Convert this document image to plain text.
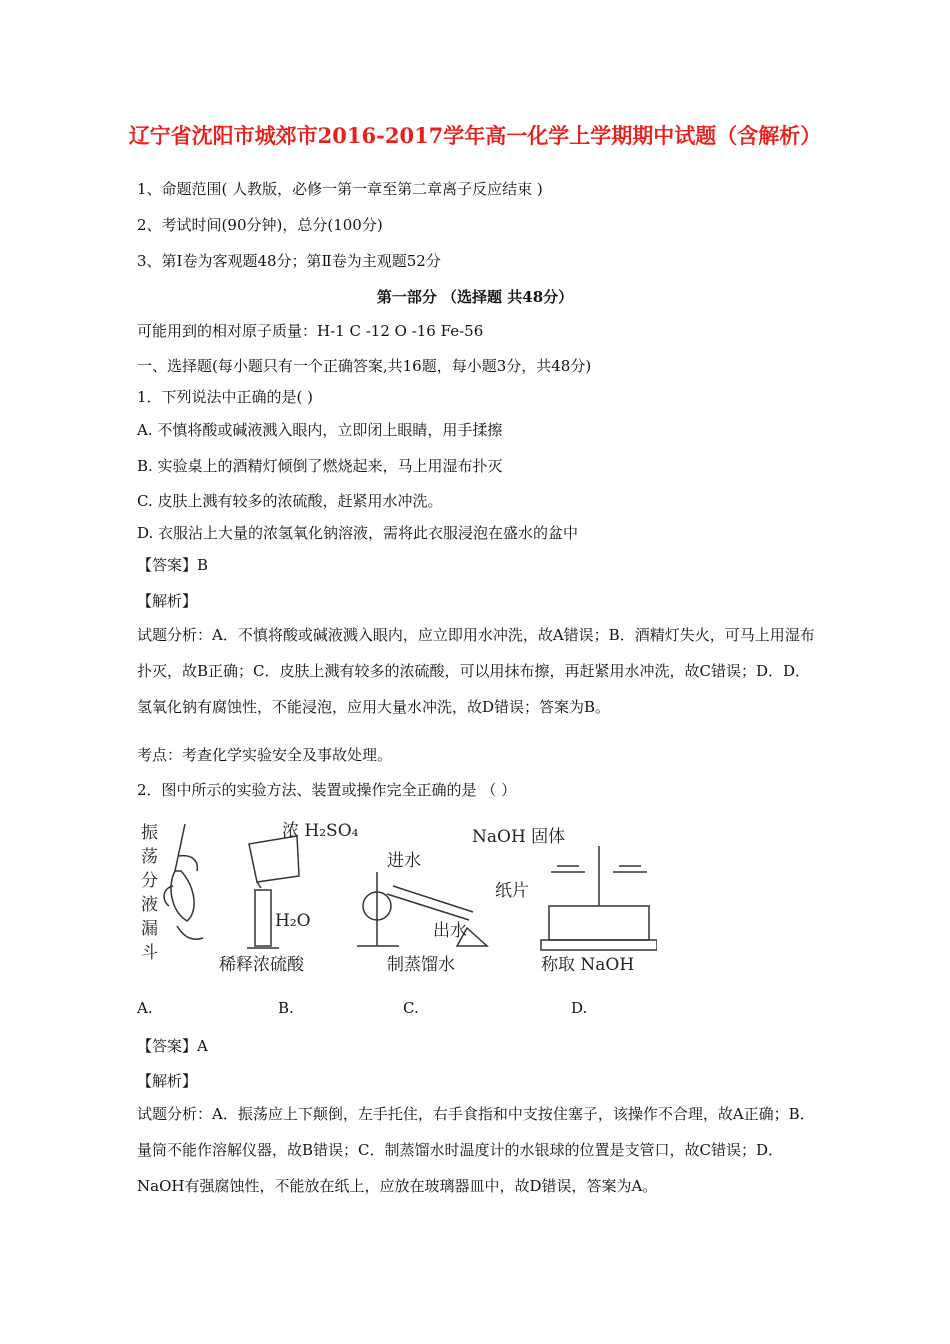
辽宁省沈阳市城郊市2016-2017学年高一化学上学期期中试题（含解析）
1、命题范围( 人教版，必修一第一章至第二章离子反应结束 )
2、考试时间(90分钟)，总分(100分)
3、第Ⅰ卷为客观题48分；第Ⅱ卷为主观题52分
第一部分 （选择题 共48分）
可能用到的相对原子质量：H-1 C -12 O -16 Fe-56
一、选择题(每小题只有一个正确答案,共16题，每小题3分，共48分)
1．下列说法中正确的是( )
A. 不慎将酸或碱液溅入眼内，立即闭上眼睛，用手揉擦
B. 实验桌上的酒精灯倾倒了燃烧起来，马上用湿布扑灭
C. 皮肤上溅有较多的浓硫酸，赶紧用水冲洗。
D. 衣服沾上大量的浓氢氧化钠溶液，需将此衣服浸泡在盛水的盆中
【答案】B
【解析】
试题分析：A．不慎将酸或碱液溅入眼内，应立即用水冲洗，故A错误；B．酒精灯失火，可马上用湿布扑灭，故B正确；C．皮肤上溅有较多的浓硫酸，可以用抹布擦，再赶紧用水冲洗，故C错误；D．D．氢氧化钠有腐蚀性，不能浸泡，应用大量水冲洗，故D错误；答案为B。
考点：考查化学实验安全及事故处理。
2．图中所示的实验方法、装置或操作完全正确的是 （ ）
振
荡
分
液
漏
斗
浓 H₂SO₄
H₂O
稀释浓硫酸
进水
出水
制蒸馏水
NaOH 固体
纸片
称取 NaOH
A.	B.	C.	D.
【答案】A
【解析】
试题分析：A．振荡应上下颠倒，左手托住，右手食指和中支按住塞子，该操作不合理，故A正确；B．量筒不能作溶解仪器，故B错误；C．制蒸馏水时温度计的水银球的位置是支管口，故C错误；D．NaOH有强腐蚀性，不能放在纸上，应放在玻璃器皿中，故D错误，答案为A。
